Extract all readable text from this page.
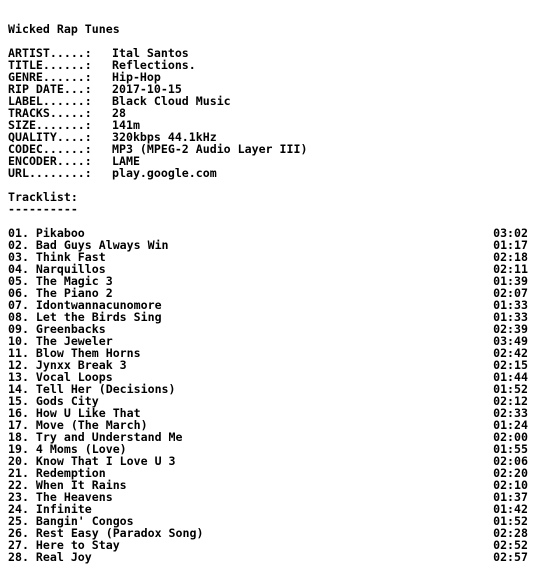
Wicked Rap Tunes
ARTIST.....: Ital Santos
TITLE......: Reflections.
GENRE......: Hip-Hop
RIP DATE...: 2017-10-15
LABEL......: Black Cloud Music
TRACKS.....: 28
SIZE.......: 141m
QUALITY....: 320kbps 44.1kHz
CODEC......: MP3 (MPEG-2 Audio Layer III)
ENCODER....: LAME
URL........: play.google.com
Tracklist:
----------
01. Pikaboo	03:02
02. Bad Guys Always Win	01:17
03. Think Fast	02:18
04. Narquillos	02:11
05. The Magic 3	01:39
06. The Piano 2	02:07
07. Idontwannacunomore	01:33
08. Let the Birds Sing	01:33
09. Greenbacks	02:39
10. The Jeweler	03:49
11. Blow Them Horns	02:42
12. Jynxx Break 3	02:15
13. Vocal Loops	01:44
14. Tell Her (Decisions)	01:52
15. Gods City	02:12
16. How U Like That	02:33
17. Move (The March)	01:24
18. Try and Understand Me	02:00
19. 4 Moms (Love)	01:55
20. Know That I Love U 3	02:06
21. Redemption	02:20
22. When It Rains	02:10
23. The Heavens	01:37
24. Infinite	01:42
25. Bangin' Congos	01:52
26. Rest Easy (Paradox Song)	02:28
27. Here to Stay	02:52
28. Real Joy	02:57
